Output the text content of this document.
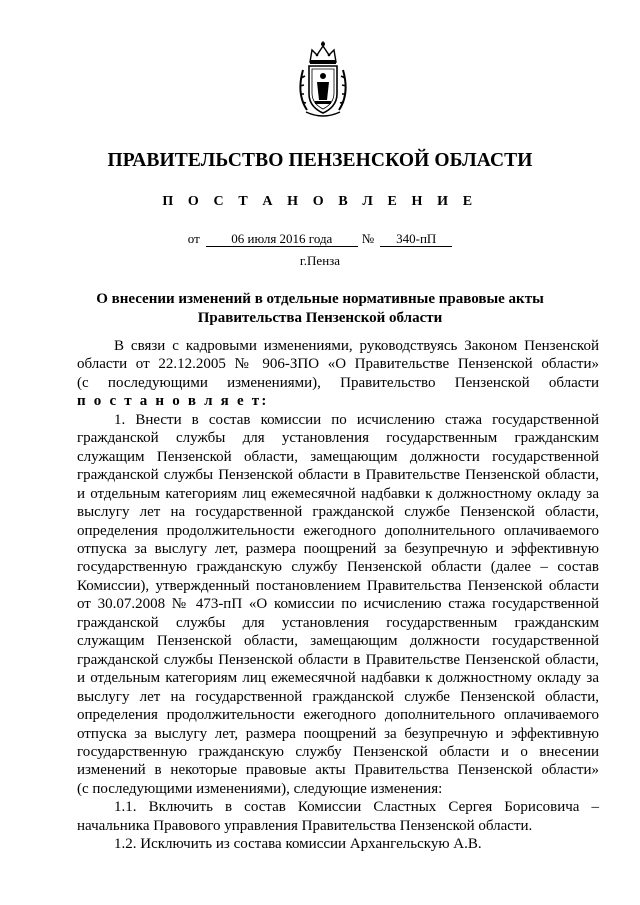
ПРАВИТЕЛЬСТВО ПЕНЗЕНСКОЙ ОБЛАСТИ
П О С Т А Н О В Л Е Н И Е
от 06 июля 2016 года № 340-пП
г.Пенза
О внесении изменений в отдельные нормативные правовые акты
Правительства Пензенской области

В связи с кадровыми изменениями, руководствуясь Законом Пензенской

области от 22.12.2005 № 906-ЗПО «О Правительстве Пензенской области»

(с последующими изменениями), Правительство Пензенской области

п о с т а н о в л я е т:

1. Внести в состав комиссии по исчислению стажа государственной

гражданской службы для установления государственным гражданским

служащим Пензенской области, замещающим должности государственной

гражданской службы Пензенской области в Правительстве Пензенской области,

и отдельным категориям лиц ежемесячной надбавки к должностному окладу за

выслугу лет на государственной гражданской службе Пензенской области,

определения продолжительности ежегодного дополнительного оплачиваемого

отпуска за выслугу лет, размера поощрений за безупречную и эффективную

государственную гражданскую службу Пензенской области (далее – состав

Комиссии), утвержденный постановлением Правительства Пензенской области

от 30.07.2008 № 473-пП «О комиссии по исчислению стажа государственной

гражданской службы для установления государственным гражданским

служащим Пензенской области, замещающим должности государственной

гражданской службы Пензенской области в Правительстве Пензенской области,

и отдельным категориям лиц ежемесячной надбавки к должностному окладу за

выслугу лет на государственной гражданской службе Пензенской области,

определения продолжительности ежегодного дополнительного оплачиваемого

отпуска за выслугу лет, размера поощрений за безупречную и эффективную

государственную гражданскую службу Пензенской области и о внесении

изменений в некоторые правовые акты Правительства Пензенской области»

(с последующими изменениями), следующие изменения:

1.1. Включить в состав Комиссии Сластных Сергея Борисовича –

начальника Правового управления Правительства Пензенской области.

1.2. Исключить из состава комиссии Архангельскую А.В.
